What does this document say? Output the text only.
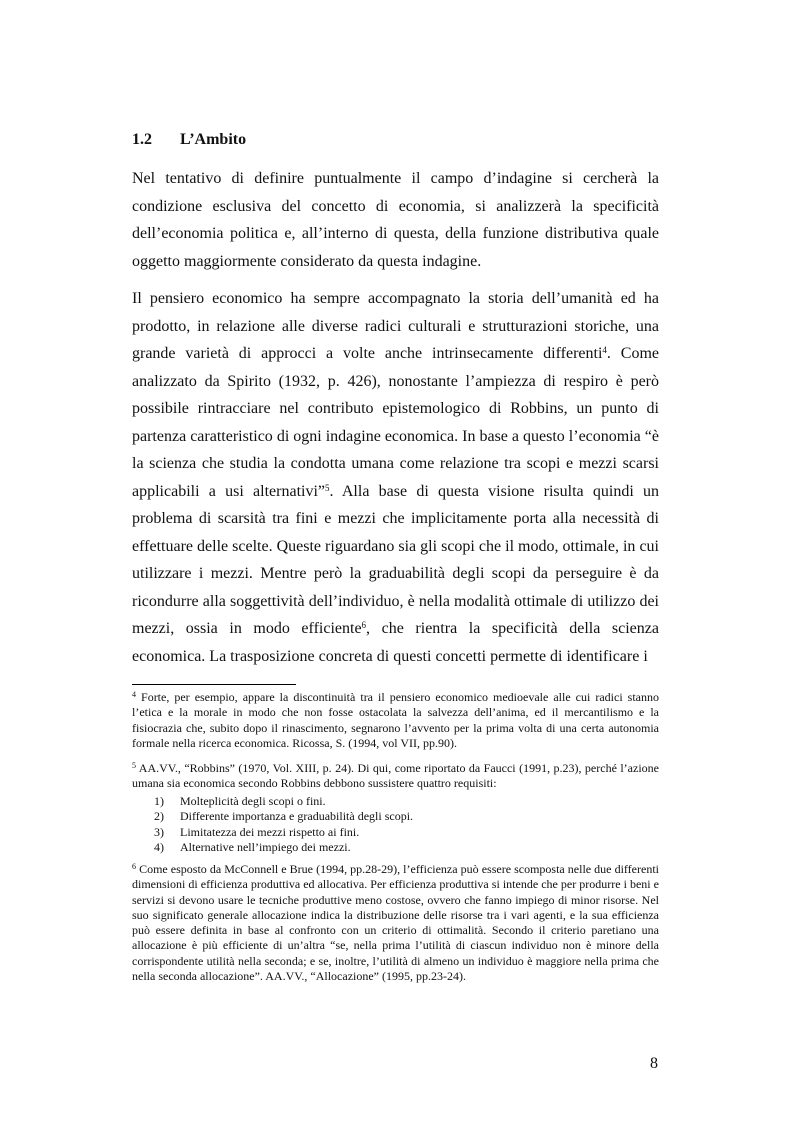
1.2 L’Ambito

Nel tentativo di definire puntualmente il campo d’indagine si cercherà la condizione esclusiva del concetto di economia, si analizzerà la specificità dell’economia politica e, all’interno di questa, della funzione distributiva quale oggetto maggiormente considerato da questa indagine.

Il pensiero economico ha sempre accompagnato la storia dell’umanità ed ha prodotto, in relazione alle diverse radici culturali e strutturazioni storiche, una grande varietà di approcci a volte anche intrinsecamente differenti$^4$. Come analizzato da Spirito (1932, p. 426), nonostante l’ampiezza di respiro è però possibile rintracciare nel contributo epistemologico di Robbins, un punto di partenza caratteristico di ogni indagine economica. In base a questo l’economia “è la scienza che studia la condotta umana come relazione tra scopi e mezzi scarsi applicabili a usi alternativi”$^5$. Alla base di questa visione risulta quindi un problema di scarsità tra fini e mezzi che implicitamente porta alla necessità di effettuare delle scelte. Queste riguardano sia gli scopi che il modo, ottimale, in cui utilizzare i mezzi. Mentre però la graduabilità degli scopi da perseguire è da ricondurre alla soggettività dell’individuo, è nella modalità ottimale di utilizzo dei mezzi, ossia in modo efficiente$^6$, che rientra la specificità della scienza economica. La trasposizione concreta di questi concetti permette di identificare i

$^4$ Forte, per esempio, appare la discontinuità tra il pensiero economico medioevale alle cui radici stanno l’etica e la morale in modo che non fosse ostacolata la salvezza dell’anima, ed il mercantilismo e la fisiocrazia che, subito dopo il rinascimento, segnarono l’avvento per la prima volta di una certa autonomia formale nella ricerca economica. Ricossa, S. (1994, vol VII, pp.90).

$^5$ AA.VV., “Robbins” (1970, Vol. XIII, p. 24). Di qui, come riportato da Faucci (1991, p.23), perché l’azione umana sia economica secondo Robbins debbono sussistere quattro requisiti:

1) Molteplicità degli scopi o fini.
2) Differente importanza e graduabilità degli scopi.
3) Limitatezza dei mezzi rispetto ai fini.
4) Alternative nell’impiego dei mezzi.

$^6$ Come esposto da McConnell e Brue (1994, pp.28-29), l’efficienza può essere scomposta nelle due differenti dimensioni di efficienza produttiva ed allocativa. Per efficienza produttiva si intende che per produrre i beni e servizi si devono usare le tecniche produttive meno costose, ovvero che fanno impiego di minor risorse. Nel suo significato generale allocazione indica la distribuzione delle risorse tra i vari agenti, e la sua efficienza può essere definita in base al confronto con un criterio di ottimalità. Secondo il criterio paretiano una allocazione è più efficiente di un’altra “se, nella prima l’utilità di ciascun individuo non è minore della corrispondente utilità nella seconda; e se, inoltre, l’utilità di almeno un individuo è maggiore nella prima che nella seconda allocazione”. AA.VV., “Allocazione” (1995, pp.23-24).

8
